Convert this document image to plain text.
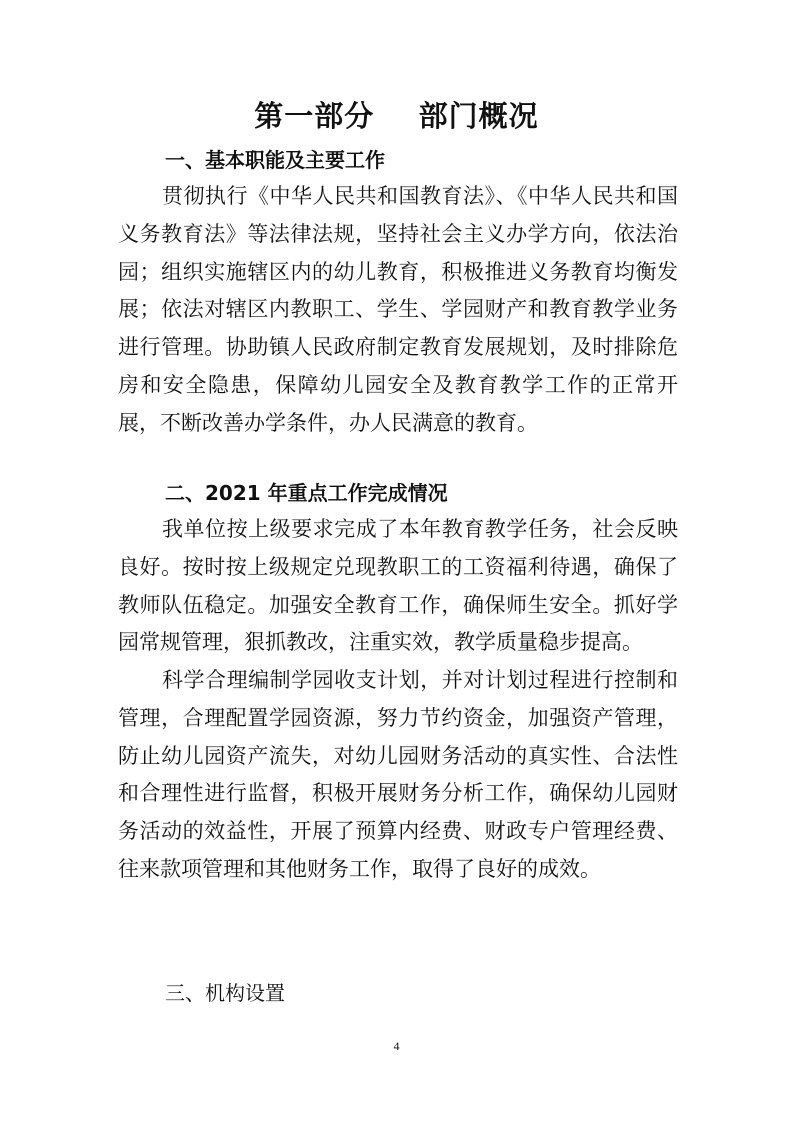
第一部分    部门概况
一、基本职能及主要工作

贯彻执行《中华人民共和国教育法》、《中华人民共和国义务教育法》等法律法规，坚持社会主义办学方向，依法治园；组织实施辖区内的幼儿教育，积极推进义务教育均衡发展；依法对辖区内教职工、学生、学园财产和教育教学业务进行管理。协助镇人民政府制定教育发展规划，及时排除危房和安全隐患，保障幼儿园安全及教育教学工作的正常开展，不断改善办学条件，办人民满意的教育。

二、2021 年重点工作完成情况

我单位按上级要求完成了本年教育教学任务，社会反映良好。按时按上级规定兑现教职工的工资福利待遇，确保了教师队伍稳定。加强安全教育工作，确保师生安全。抓好学园常规管理，狠抓教改，注重实效，教学质量稳步提高。

科学合理编制学园收支计划，并对计划过程进行控制和管理，合理配置学园资源，努力节约资金，加强资产管理，防止幼儿园资产流失，对幼儿园财务活动的真实性、合法性和合理性进行监督，积极开展财务分析工作，确保幼儿园财务活动的效益性，开展了预算内经费、财政专户管理经费、往来款项管理和其他财务工作，取得了良好的成效。

三、机构设置
4
